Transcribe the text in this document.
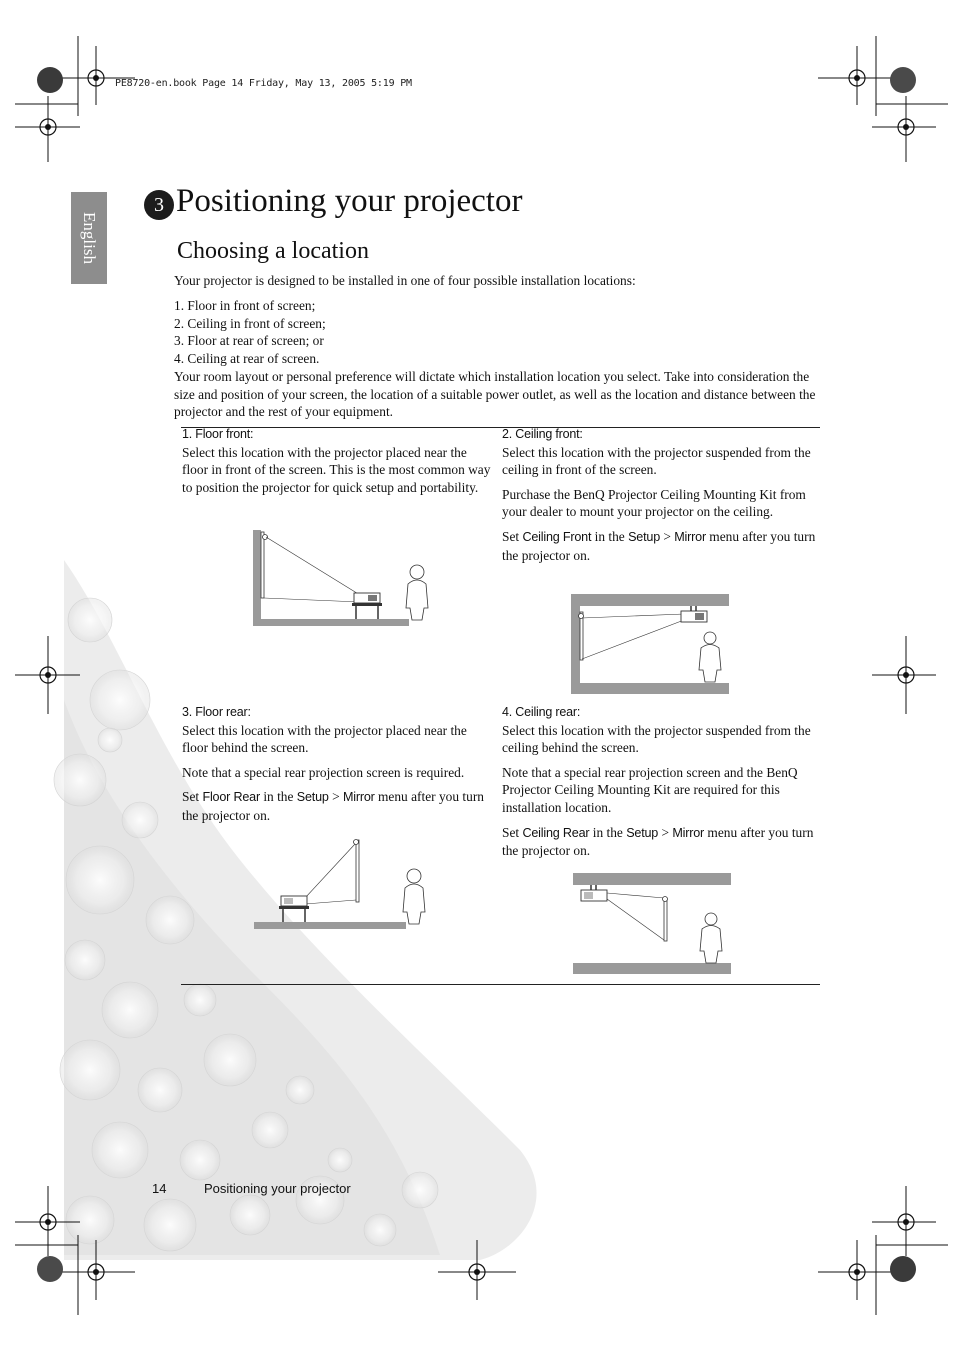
PE8720-en.book Page 14 Friday, May 13, 2005 5:19 PM
English
3 Positioning your projector
Choosing a location
Your projector is designed to be installed in one of four possible installation locations:
1. Floor in front of screen;
2. Ceiling in front of screen;
3. Floor at rear of screen; or
4. Ceiling at rear of screen.
Your room layout or personal preference will dictate which installation location you select. Take into consideration the size and position of your screen, the location of a suitable power outlet, as well as the location and distance between the projector and the rest of your equipment.
1. Floor front:

Select this location with the projector placed near the floor in front of the screen. This is the most common way to position the projector for quick setup and portability.

2. Ceiling front:

Select this location with the projector suspended from the ceiling in front of the screen.

Purchase the BenQ Projector Ceiling Mounting Kit from your dealer to mount your projector on the ceiling.

Set Ceiling Front in the Setup > Mirror menu after you turn the projector on.

3. Floor rear:

Select this location with the projector placed near the floor behind the screen.

Note that a special rear projection screen is required.

Set Floor Rear in the Setup > Mirror menu after you turn the projector on.

4. Ceiling rear:

Select this location with the projector suspended from the ceiling behind the screen.

Note that a special rear projection screen and the BenQ Projector Ceiling Mounting Kit are required for this installation location.

Set Ceiling Rear in the Setup > Mirror menu after you turn the projector on.

14	Positioning your projector
